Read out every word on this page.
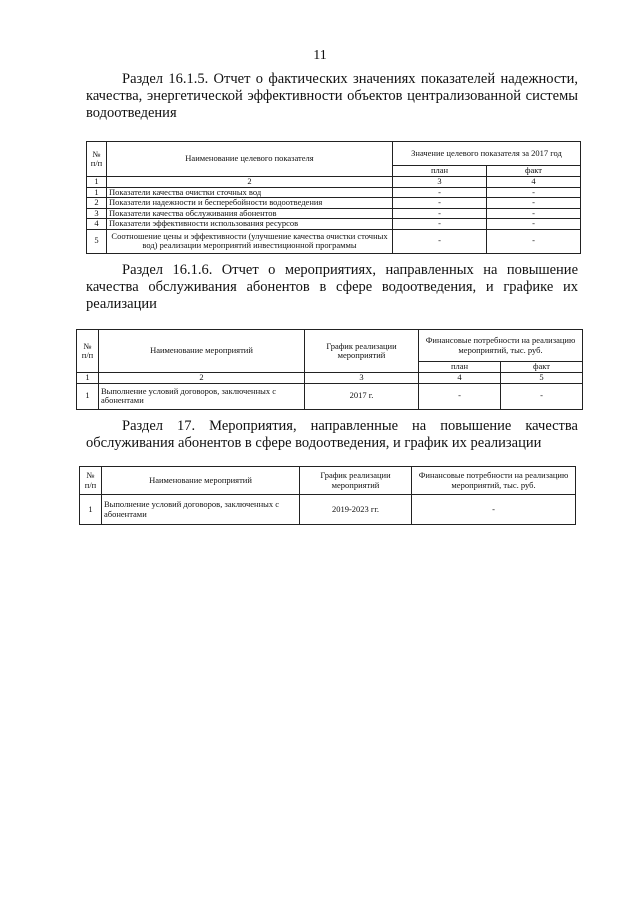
11
Раздел 16.1.5. Отчет о фактических значениях показателей надежности, качества, энергетической эффективности объектов централизованной системы водоотведения
№ п/п	Наименование целевого показателя	Значение целевого показателя за 2017 год	
		план	факт
1	2	3	4
1	Показатели качества очистки сточных вод	-	-
2	Показатели надежности и бесперебойности водоотведения	-	-
3	Показатели качества обслуживания абонентов	-	-
4	Показатели эффективности использования ресурсов	-	-
5	Соотношение цены и эффективности (улучшение качества очистки сточных вод) реализации мероприятий инвестиционной программы	-	-
Раздел 16.1.6. Отчет о мероприятиях, направленных на повышение качества обслуживания абонентов в сфере водоотведения, и графике их реализации
№ п/п	Наименование мероприятий	График реализации мероприятий	Финансовые потребности на реализацию мероприятий, тыс. руб.	
			план	факт
1	2	3	4	5
1	Выполнение условий договоров, заключенных с абонентами	2017 г.	-	-
Раздел 17. Мероприятия, направленные на повышение качества обслуживания абонентов в сфере водоотведения, и график их реализации
№ п/п	Наименование мероприятий	График реализации мероприятий	Финансовые потребности на реализацию мероприятий, тыс. руб.
1	Выполнение условий договоров, заключенных с абонентами	2019-2023 гг.	-
